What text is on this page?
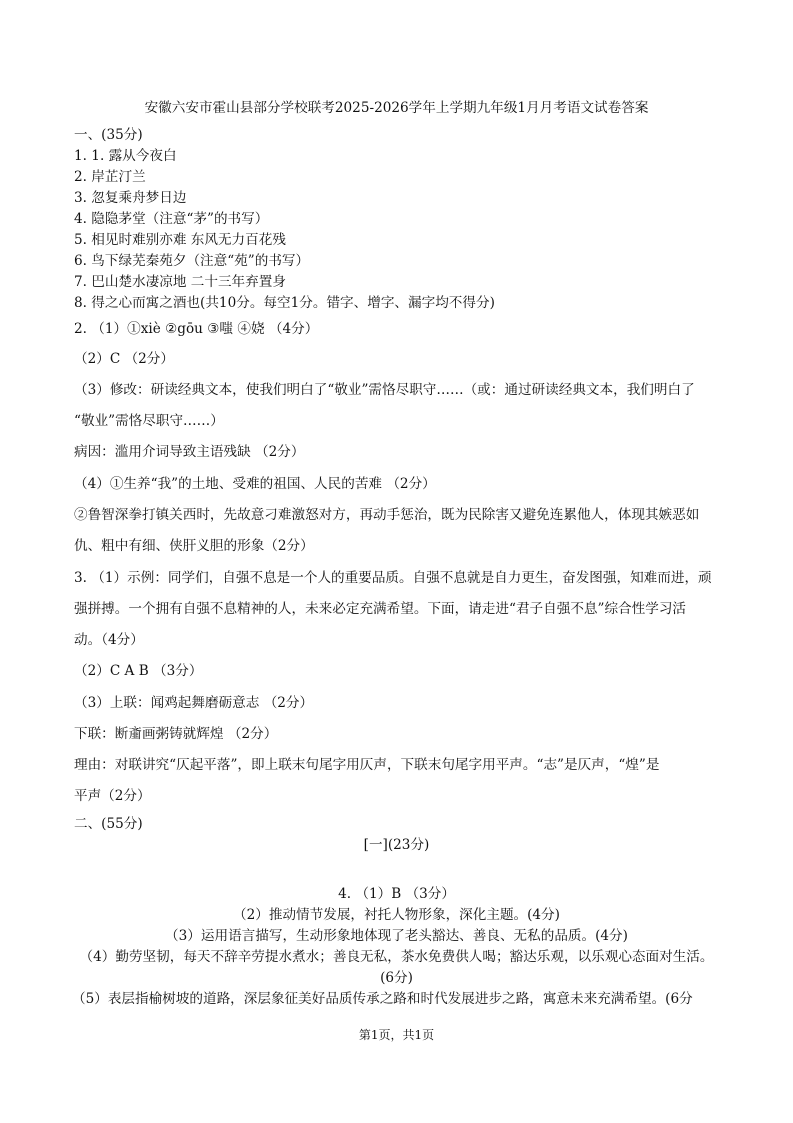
安徽六安市霍山县部分学校联考2025-2026学年上学期九年级1月月考语文试卷答案
一、(35分)
1. 1. 露从今夜白
2. 岸芷汀兰
3. 忽复乘舟梦日边
4. 隐隐茅堂（注意“茅”的书写）
5. 相见时难别亦难 东风无力百花残
6. 鸟下绿芜秦苑夕（注意“苑”的书写）
7. 巴山楚水凄凉地 二十三年弃置身
8. 得之心而寓之酒也(共10分。每空1分。错字、增字、漏字均不得分)
2. （1）①xiè ②gōu ③嗤 ④娆 （4分）
（2）C （2分）
（3）修改：研读经典文本，使我们明白了“敬业”需恪尽职守……（或：通过研读经典文本，我们明白了
“敬业”需恪尽职守……）
病因：滥用介词导致主语残缺 （2分）
（4）①生养“我”的土地、受难的祖国、人民的苦难 （2分）
②鲁智深拳打镇关西时，先故意刁难激怒对方，再动手惩治，既为民除害又避免连累他人，体现其嫉恶如
仇、粗中有细、侠肝义胆的形象（2分）
3. （1）示例：同学们，自强不息是一个人的重要品质。自强不息就是自力更生，奋发图强，知难而进，顽
强拼搏。一个拥有自强不息精神的人，未来必定充满希望。下面，请走进“君子自强不息”综合性学习活
动。（4分）
（2）C A B （3分）
（3）上联：闻鸡起舞磨砺意志 （2分）
下联：断齑画粥铸就辉煌 （2分）
理由：对联讲究“仄起平落”，即上联末句尾字用仄声，下联末句尾字用平声。“志”是仄声，“煌”是
平声（2分）
二、(55分)
[一](23分)
4. （1）B （3分）
（2）推动情节发展，衬托人物形象，深化主题。(4分)
（3）运用语言描写，生动形象地体现了老头豁达、善良、无私的品质。(4分)
（4）勤劳坚韧，每天不辞辛劳提水煮水；善良无私，茶水免费供人喝；豁达乐观，以乐观心态面对生活。
(6分)
（5）表层指榆树坡的道路，深层象征美好品质传承之路和时代发展进步之路，寓意未来充满希望。(6分
第1页，共1页
